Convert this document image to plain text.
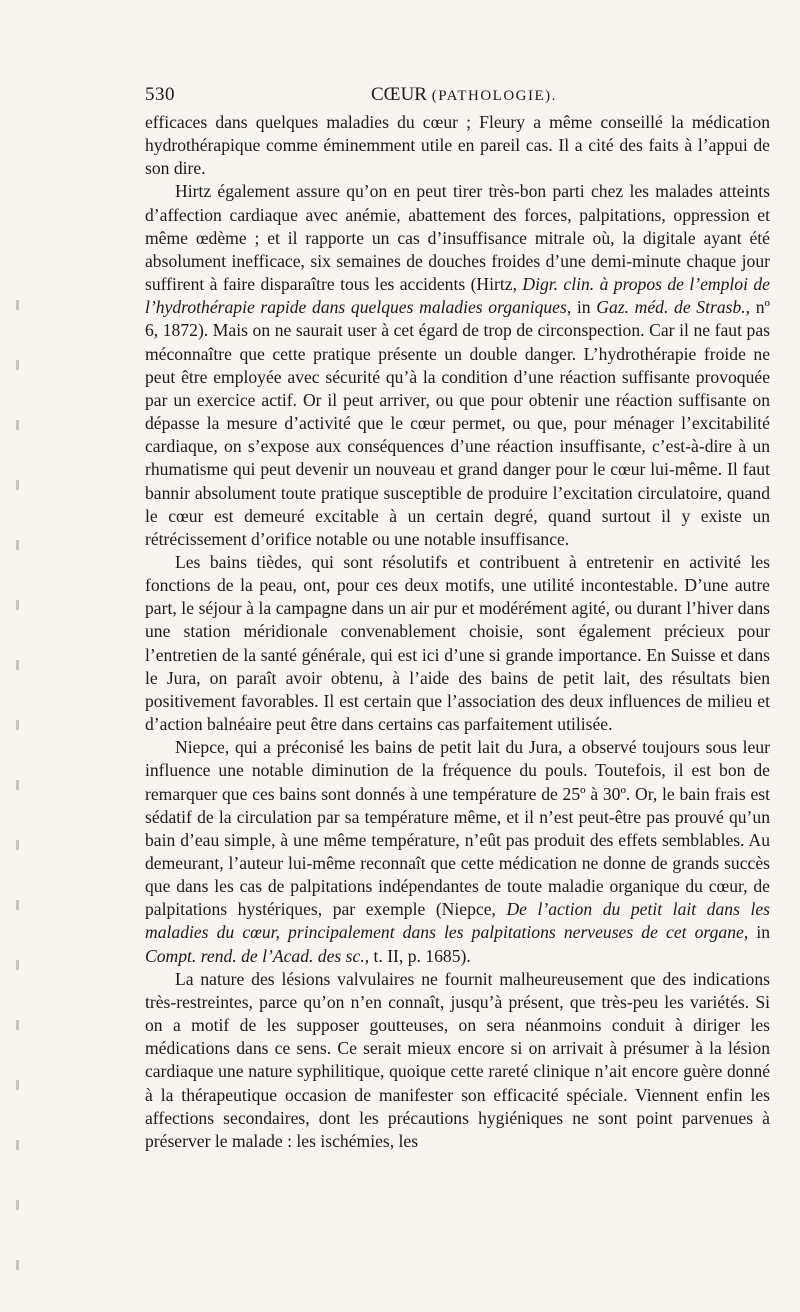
530	CŒUR (PATHOLOGIE).

efficaces dans quelques maladies du cœur ; Fleury a même conseillé la médication hydrothérapique comme éminemment utile en pareil cas. Il a cité des faits à l’appui de son dire.

Hirtz également assure qu’on en peut tirer très-bon parti chez les malades atteints d’affection cardiaque avec anémie, abattement des forces, palpitations, oppression et même œdème ; et il rapporte un cas d’insuffisance mitrale où, la digitale ayant été absolument inefficace, six semaines de douches froides d’une demi-minute chaque jour suffirent à faire disparaître tous les accidents (Hirtz, Digr. clin. à propos de l’emploi de l’hydrothérapie rapide dans quelques maladies organiques, in Gaz. méd. de Strasb., nº 6, 1872). Mais on ne saurait user à cet égard de trop de circonspection. Car il ne faut pas méconnaître que cette pratique présente un double danger. L’hydrothérapie froide ne peut être employée avec sécurité qu’à la condition d’une réaction suffisante provoquée par un exercice actif. Or il peut arriver, ou que pour obtenir une réaction suffisante on dépasse la mesure d’activité que le cœur permet, ou que, pour ménager l’excitabilité cardiaque, on s’expose aux conséquences d’une réaction insuffisante, c’est-à-dire à un rhumatisme qui peut devenir un nouveau et grand danger pour le cœur lui-même. Il faut bannir absolument toute pratique susceptible de produire l’excitation circulatoire, quand le cœur est demeuré excitable à un certain degré, quand surtout il y existe un rétrécissement d’orifice notable ou une notable insuffisance.

Les bains tièdes, qui sont résolutifs et contribuent à entretenir en activité les fonctions de la peau, ont, pour ces deux motifs, une utilité incontestable. D’une autre part, le séjour à la campagne dans un air pur et modérément agité, ou durant l’hiver dans une station méridionale convenablement choisie, sont également précieux pour l’entretien de la santé générale, qui est ici d’une si grande importance. En Suisse et dans le Jura, on paraît avoir obtenu, à l’aide des bains de petit lait, des résultats bien positivement favorables. Il est certain que l’association des deux influences de milieu et d’action balnéaire peut être dans certains cas parfaitement utilisée.

Niepce, qui a préconisé les bains de petit lait du Jura, a observé toujours sous leur influence une notable diminution de la fréquence du pouls. Toutefois, il est bon de remarquer que ces bains sont donnés à une température de 25º à 30º. Or, le bain frais est sédatif de la circulation par sa température même, et il n’est peut-être pas prouvé qu’un bain d’eau simple, à une même température, n’eût pas produit des effets semblables. Au demeurant, l’auteur lui-même reconnaît que cette médication ne donne de grands succès que dans les cas de palpitations indépendantes de toute maladie organique du cœur, de palpitations hystériques, par exemple (Niepce, De l’action du petit lait dans les maladies du cœur, principalement dans les palpitations nerveuses de cet organe, in Compt. rend. de l’Acad. des sc., t. II, p. 1685).

La nature des lésions valvulaires ne fournit malheureusement que des indications très-restreintes, parce qu’on n’en connaît, jusqu’à présent, que très-peu les variétés. Si on a motif de les supposer goutteuses, on sera néanmoins conduit à diriger les médications dans ce sens. Ce serait mieux encore si on arrivait à présumer à la lésion cardiaque une nature syphilitique, quoique cette rareté clinique n’ait encore guère donné à la thérapeutique occasion de manifester son efficacité spéciale. Viennent enfin les affections secondaires, dont les précautions hygiéniques ne sont point parvenues à préserver le malade : les ischémies, les
